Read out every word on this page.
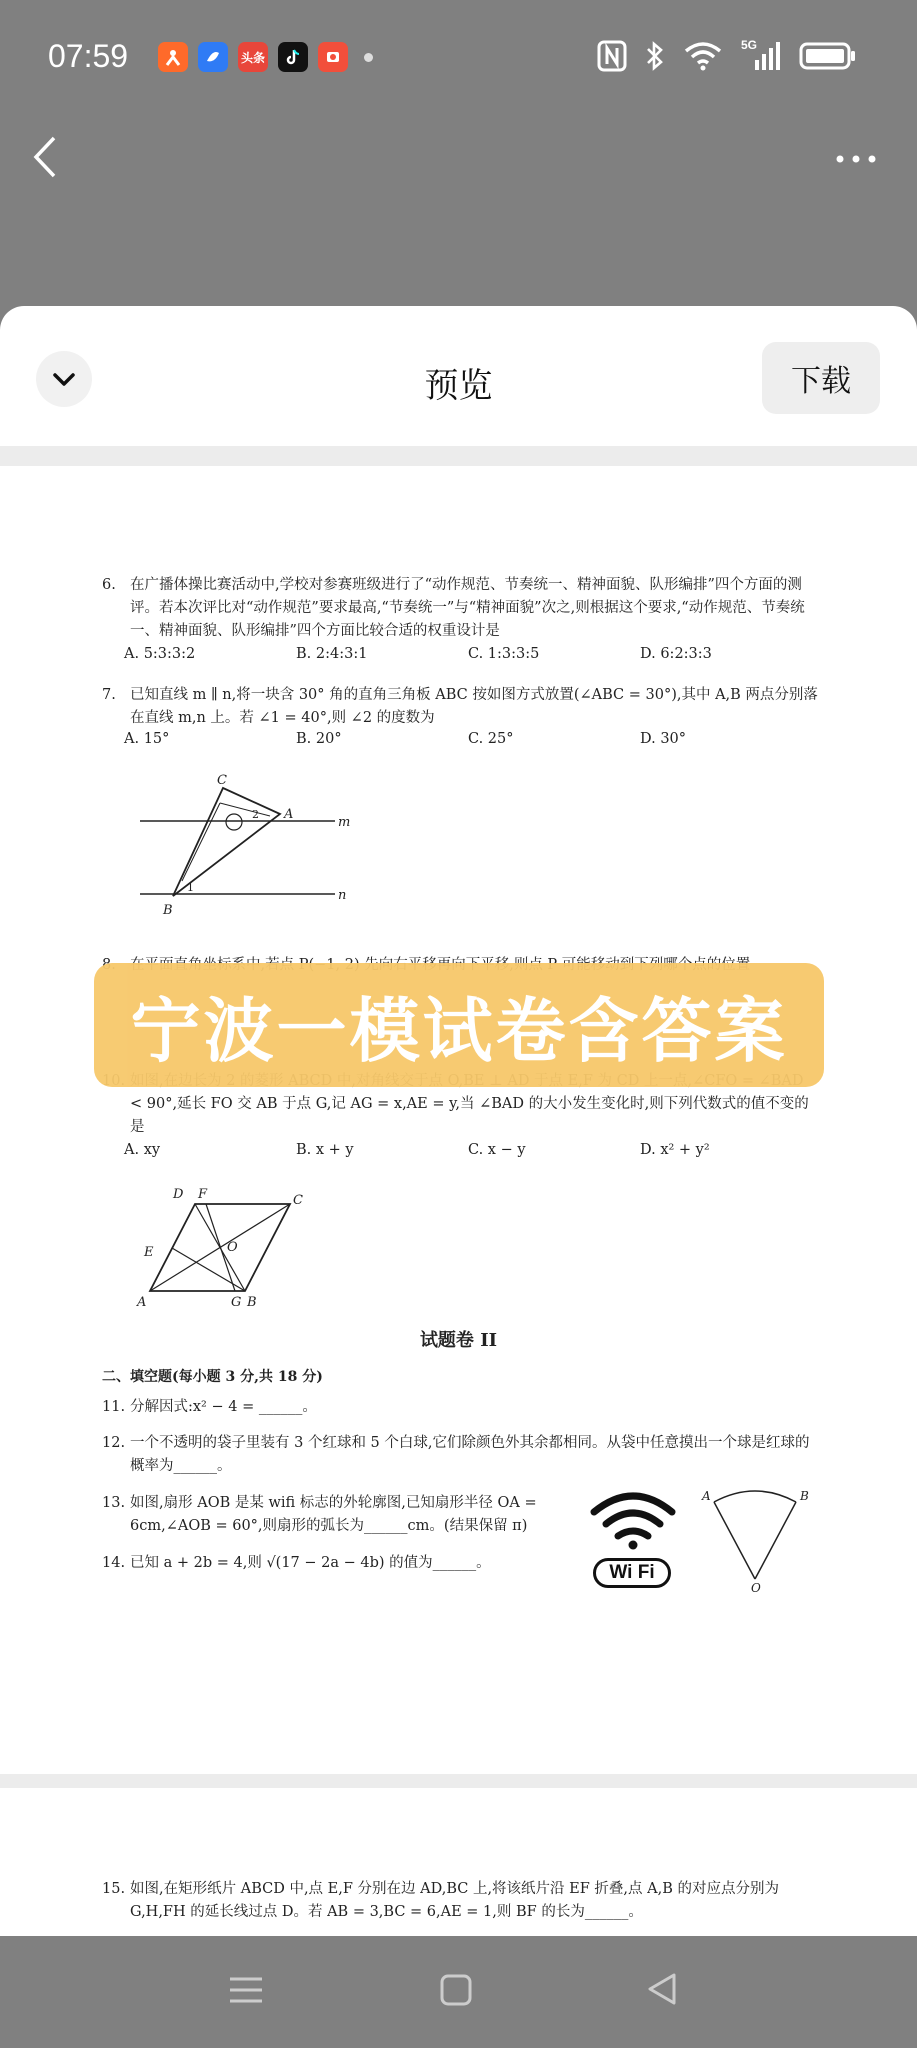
07:59	头条
5G
预览	下载
6. 在广播体操比赛活动中,学校对参赛班级进行了“动作规范、节奏统一、精神面貌、队形编排”四个方面的测评。若本次评比对“动作规范”要求最高,“节奏统一”与“精神面貌”次之,则根据这个要求,“动作规范、节奏统一、精神面貌、队形编排”四个方面比较合适的权重设计是
A. 5:3:3:2	B. 2:4:3:1	C. 1:3:3:5	D. 6:2:3:3
7. 已知直线 m ∥ n,将一块含 30° 角的直角三角板 ABC 按如图方式放置(∠ABC = 30°),其中 A,B 两点分别落在直线 m,n 上。若 ∠1 = 40°,则 ∠2 的度数为
A. 15°	B. 20°	C. 25°	D. 30°
C
A
B
m
n
1
2
< 90°,延长 FO 交 AB 于点 G,记 AG = x,AE = y,当 ∠BAD 的大小发生变化时,则下列代数式的值不变的是
A. xy	B. x + y	C. x − y	D. x² + y²
D F	C
E	O
A	G B
试题卷 II
二、填空题(每小题 3 分,共 18 分)
11. 分解因式:x² − 4 = ______。
12. 一个不透明的袋子里装有 3 个红球和 5 个白球,它们除颜色外其余都相同。从袋中任意摸出一个球是红球的概率为______。
13. 如图,扇形 AOB 是某 wifi 标志的外轮廓图,已知扇形半径 OA = 6cm,∠AOB = 60°,则扇形的弧长为______cm。(结果保留 π)
Wi Fi
A	B
O
14. 已知 a + 2b = 4,则 √(17 − 2a − 4b) 的值为______。
15. 如图,在矩形纸片 ABCD 中,点 E,F 分别在边 AD,BC 上,将该纸片沿 EF 折叠,点 A,B 的对应点分别为 G,H,FH 的延长线过点 D。若 AB = 3,BC = 6,AE = 1,则 BF 的长为______。
宁波一模试卷含答案
